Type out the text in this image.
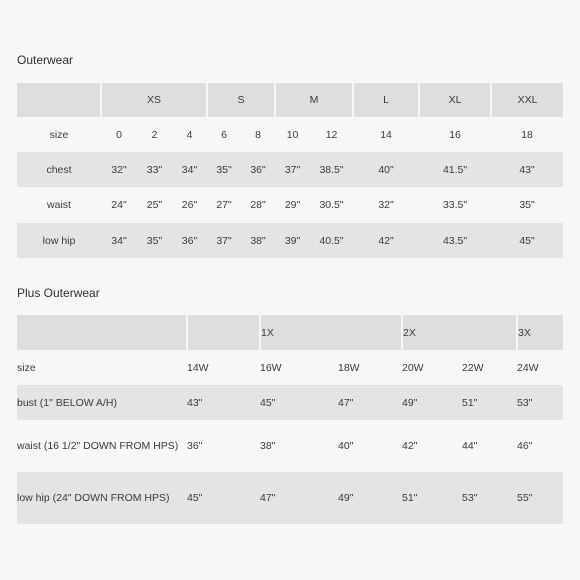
Outerwear
	XS			S		M		L	XL	XXL
size	0	2	4	6	8	10	12	14	16	18
chest	32"	33"	34"	35"	36"	37"	38.5"	40"	41.5"	43"
waist	24"	25"	26"	27"	28"	29"	30.5"	32"	33.5"	35"
low hip	34"	35"	36"	37"	38"	39"	40.5"	42"	43.5"	45"
Plus Outerwear
		1X		2X		3X
size	14W	16W	18W	20W	22W	24W
bust (1" BELOW A/H)	43"	45"	47"	49"	51"	53"
waist (16 1/2" DOWN FROM HPS)	36"	38"	40"	42"	44"	46"
low hip (24" DOWN FROM HPS)	45"	47"	49"	51"	53"	55"
